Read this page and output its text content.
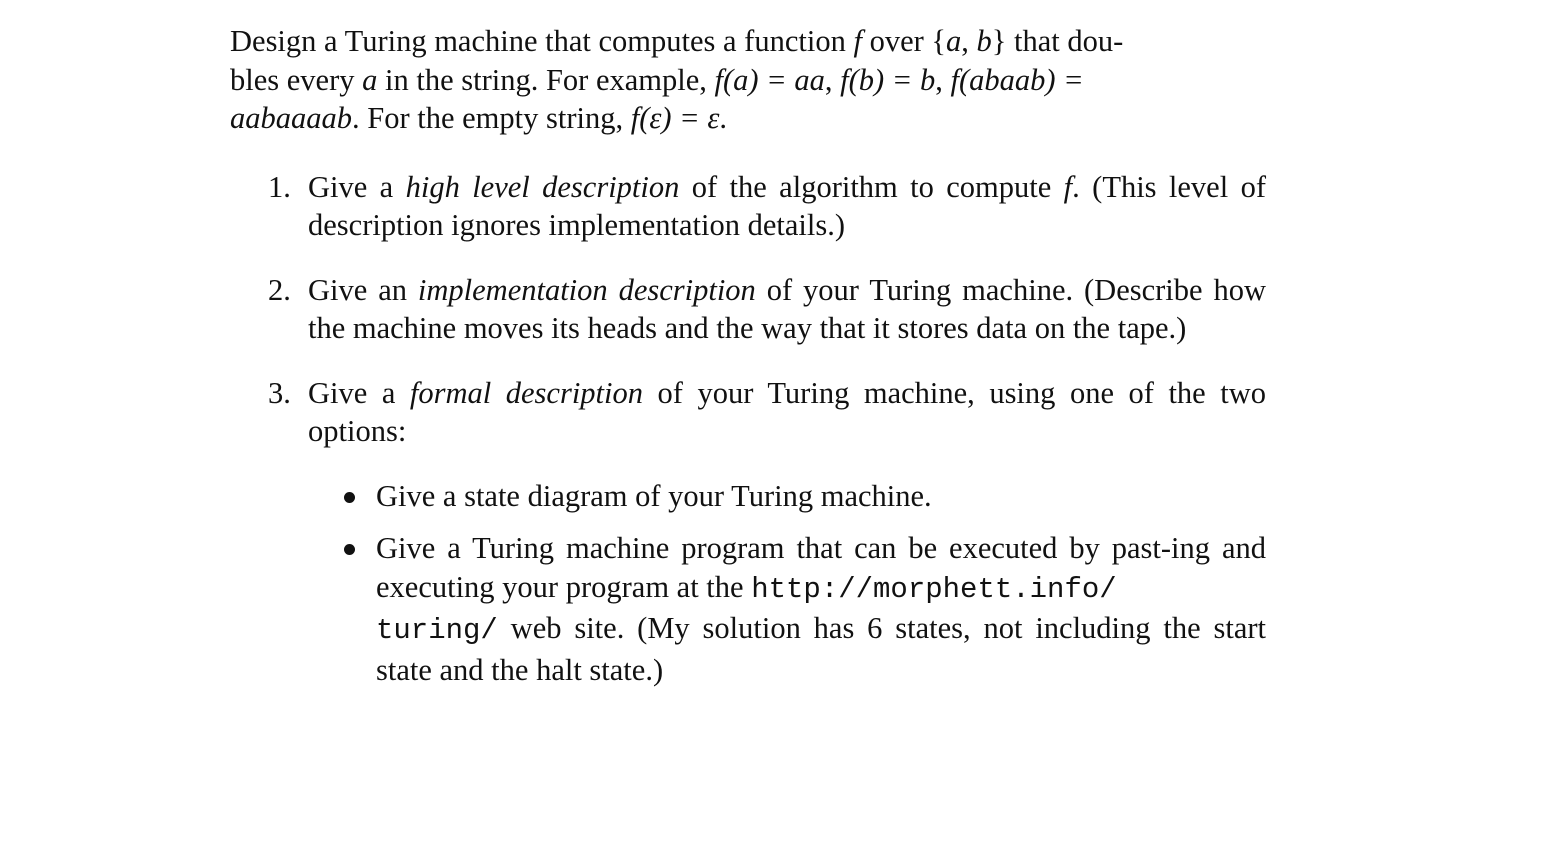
Design a Turing machine that computes a function f over {a, b} that dou-
bles every a in the string. For example, f(a) = aa, f(b) = b, f(abaab) =
aabaaaab. For the empty string, f(ε) = ε.

1. Give a high level description of the algorithm to compute f. (This level of description ignores implementation details.)
2. Give an implementation description of your Turing machine. (Describe how the machine moves its heads and the way that it stores data on the tape.)
3. Give a formal description of your Turing machine, using one of the two options:
Give a state diagram of your Turing machine.
Give a Turing machine program that can be executed by past-ing and executing your program at the http://morphett.info/
turing/ web site. (My solution has 6 states, not including the start state and the halt state.)
